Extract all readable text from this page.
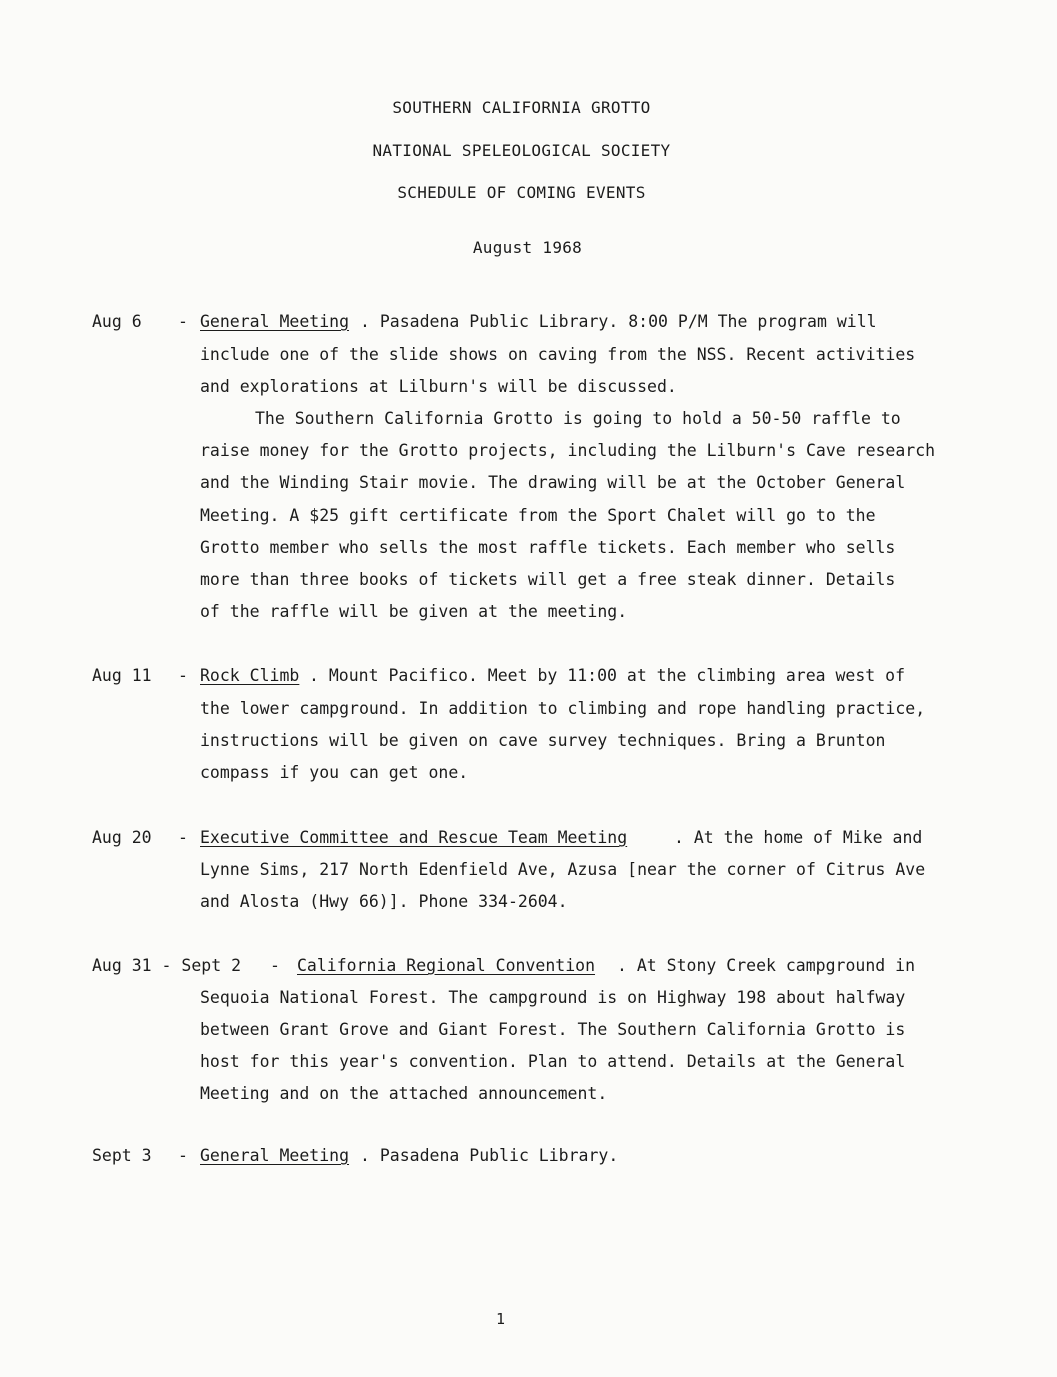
SOUTHERN CALIFORNIA GROTTO
NATIONAL SPELEOLOGICAL SOCIETY
SCHEDULE OF COMING EVENTS
August 1968
Aug 6 - General Meeting . Pasadena Public Library. 8:00 P/M The program will
include one of the slide shows on caving from the NSS. Recent activities
and explorations at Lilburn's will be discussed.
The Southern California Grotto is going to hold a 50-50 raffle to
raise money for the Grotto projects, including the Lilburn's Cave research
and the Winding Stair movie. The drawing will be at the October General
Meeting. A $25 gift certificate from the Sport Chalet will go to the
Grotto member who sells the most raffle tickets. Each member who sells
more than three books of tickets will get a free steak dinner. Details
of the raffle will be given at the meeting.
Aug 11 - Rock Climb . Mount Pacifico. Meet by 11:00 at the climbing area west of
the lower campground. In addition to climbing and rope handling practice,
instructions will be given on cave survey techniques. Bring a Brunton
compass if you can get one.
Aug 20 - Executive Committee and Rescue Team Meeting	. At the home of Mike and
Lynne Sims, 217 North Edenfield Ave, Azusa [near the corner of Citrus Ave
and Alosta (Hwy 66)]. Phone 334-2604.
Aug 31 - Sept 2 - California Regional Convention . At Stony Creek campground in
Sequoia National Forest. The campground is on Highway 198 about halfway
between Grant Grove and Giant Forest. The Southern California Grotto is
host for this year's convention. Plan to attend. Details at the General
Meeting and on the attached announcement.
Sept 3 - General Meeting . Pasadena Public Library.
1
